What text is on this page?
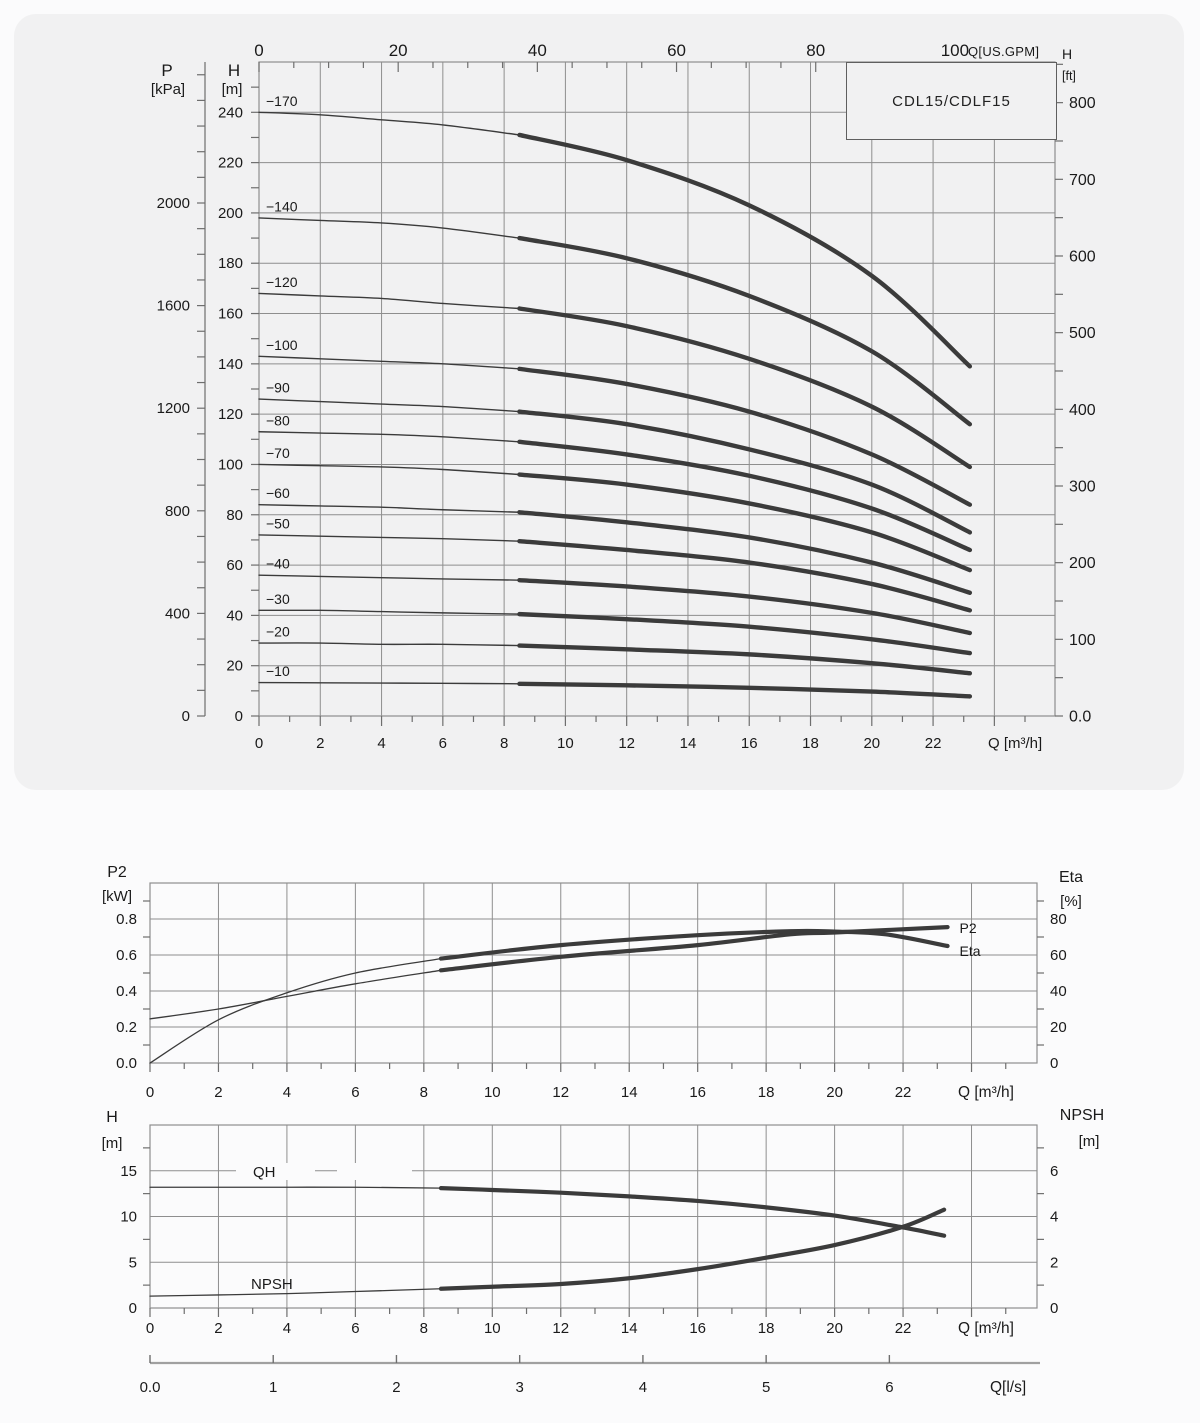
0	20	40	60	80	100
Q[US.GPM] H
[ft]
0	2	4	6	8	10	12	14	16	18	20	22	Q [m³/h]
0
20
40
60
80
100
120
140
160
180
200
220
240
H
[m]
0
400
800
1200
1600
2000
P
[kPa]
0.0
100
200
300
400
500
600
700
800
−170
−140
−120
−100
−90
−80
−70
−60
−50
−40
−30
−20
−10
0.0
0.2
0.4
0.6
0.8
0
20
40
60
80
0	2	4	6	8	10	12	14	16	18	20	22	Q [m³/h]
P2
[kW]
Eta
[%]
P2
Eta
0
5
10
15
0
2
4
6
0	2	4	6	8	10	12	14	16	18	20	22	Q [m³/h]
H
[m]
NPSH
[m]
QH
NPSH
0.0	1	2	3	4	5	6	Q[l/s]
CDL15/CDLF15
